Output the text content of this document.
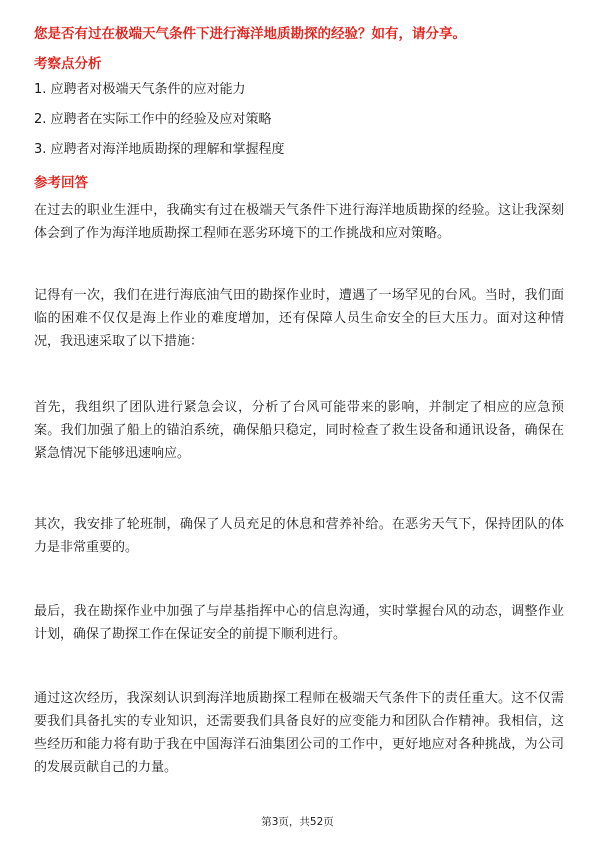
您是否有过在极端天气条件下进行海洋地质勘探的经验？如有，请分享。
考察点分析
1. 应聘者对极端天气条件的应对能力
2. 应聘者在实际工作中的经验及应对策略
3. 应聘者对海洋地质勘探的理解和掌握程度
参考回答
在过去的职业生涯中，我确实有过在极端天气条件下进行海洋地质勘探的经验。这让我深刻体会到了作为海洋地质勘探工程师在恶劣环境下的工作挑战和应对策略。
记得有一次，我们在进行海底油气田的勘探作业时，遭遇了一场罕见的台风。当时，我们面临的困难不仅仅是海上作业的难度增加，还有保障人员生命安全的巨大压力。面对这种情况，我迅速采取了以下措施：
首先，我组织了团队进行紧急会议，分析了台风可能带来的影响，并制定了相应的应急预案。我们加强了船上的锚泊系统，确保船只稳定，同时检查了救生设备和通讯设备，确保在紧急情况下能够迅速响应。
其次，我安排了轮班制，确保了人员充足的休息和营养补给。在恶劣天气下，保持团队的体力是非常重要的。
最后，我在勘探作业中加强了与岸基指挥中心的信息沟通，实时掌握台风的动态，调整作业计划，确保了勘探工作在保证安全的前提下顺利进行。
通过这次经历，我深刻认识到海洋地质勘探工程师在极端天气条件下的责任重大。这不仅需要我们具备扎实的专业知识，还需要我们具备良好的应变能力和团队合作精神。我相信，这些经历和能力将有助于我在中国海洋石油集团公司的工作中，更好地应对各种挑战，为公司的发展贡献自己的力量。
第3页，共52页
